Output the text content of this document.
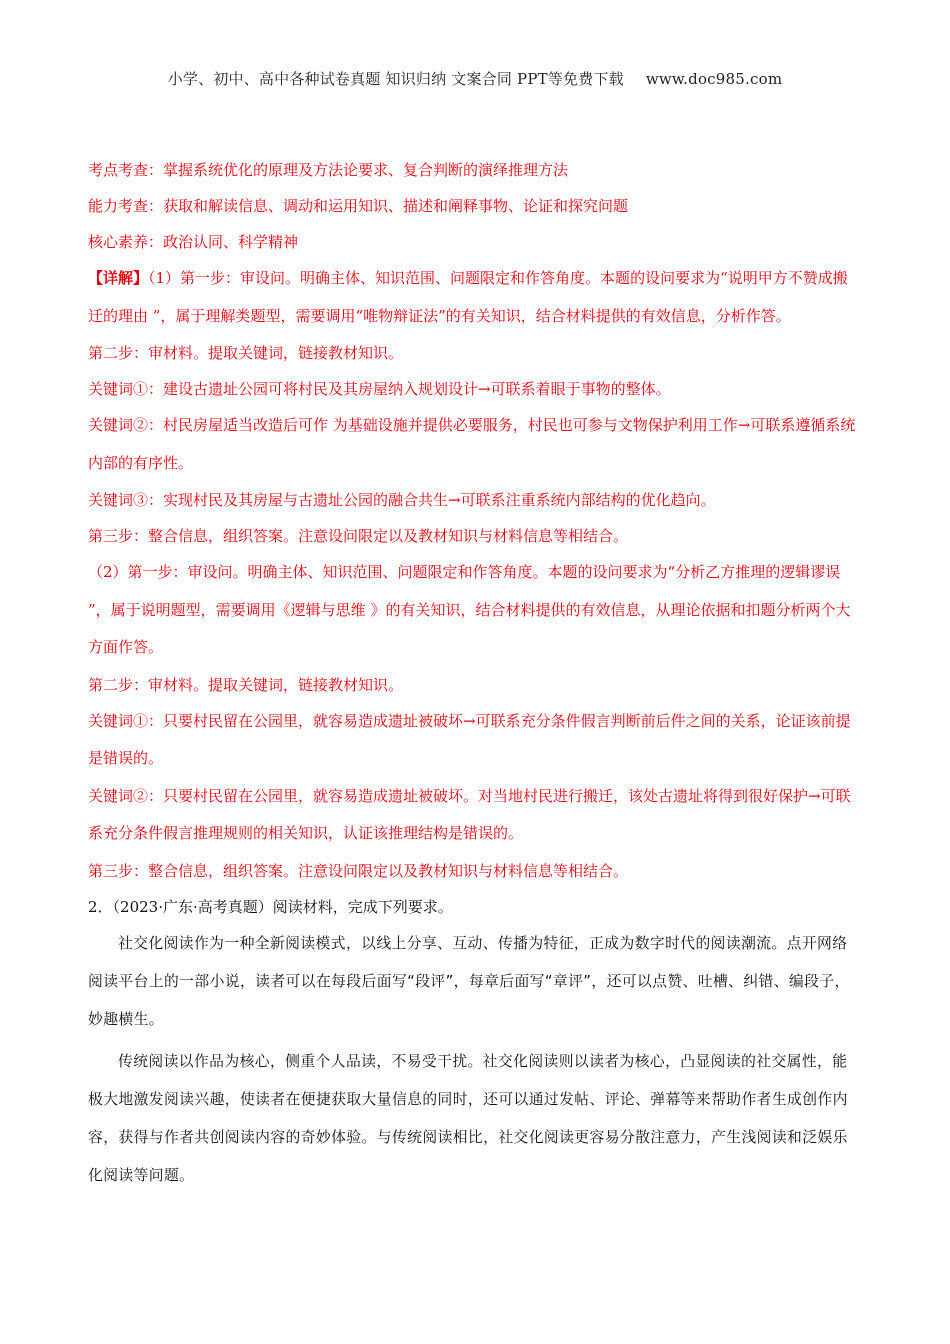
小学、初中、高中各种试卷真题 知识归纳 文案合同 PPT等免费下载 www.doc985.com

考点考查：掌握系统优化的原理及方法论要求、复合判断的演绎推理方法

能力考查：获取和解读信息、调动和运用知识、描述和阐释事物、论证和探究问题

核心素养：政治认同、科学精神

【详解】（1）第一步：审设问。明确主体、知识范围、问题限定和作答角度。本题的设问要求为“说明甲方不赞成搬迁的理由 ”，属于理解类题型，需要调用“唯物辩证法”的有关知识，结合材料提供的有效信息，分析作答。

第二步：审材料。提取关键词，链接教材知识。

关键词①：建设古遗址公园可将村民及其房屋纳入规划设计→可联系着眼于事物的整体。

关键词②：村民房屋适当改造后可作 为基础设施并提供必要服务，村民也可参与文物保护利用工作→可联系遵循系统内部的有序性。

关键词③：实现村民及其房屋与古遗址公园的融合共生→可联系注重系统内部结构的优化趋向。

第三步：整合信息，组织答案。注意设问限定以及教材知识与材料信息等相结合。

（2）第一步：审设问。明确主体、知识范围、问题限定和作答角度。本题的设问要求为“分析乙方推理的逻辑谬误 ”，属于说明题型，需要调用《逻辑与思维 》的有关知识，结合材料提供的有效信息，从理论依据和扣题分析两个大方面作答。

第二步：审材料。提取关键词，链接教材知识。

关键词①：只要村民留在公园里，就容易造成遗址被破坏→可联系充分条件假言判断前后件之间的关系，论证该前提是错误的。

关键词②：只要村民留在公园里，就容易造成遗址被破坏。对当地村民进行搬迁，该处古遗址将得到很好保护→可联系充分条件假言推理规则的相关知识，认证该推理结构是错误的。

第三步：整合信息，组织答案。注意设问限定以及教材知识与材料信息等相结合。

2．（2023·广东·高考真题）阅读材料，完成下列要求。

社交化阅读作为一种全新阅读模式，以线上分享、互动、传播为特征，正成为数字时代的阅读潮流。点开网络阅读平台上的一部小说，读者可以在每段后面写“段评”，每章后面写“章评”，还可以点赞、吐槽、纠错、编段子，妙趣横生。

传统阅读以作品为核心，侧重个人品读，不易受干扰。社交化阅读则以读者为核心，凸显阅读的社交属性，能极大地激发阅读兴趣，使读者在便捷获取大量信息的同时，还可以通过发帖、评论、弹幕等来帮助作者生成创作内容，获得与作者共创阅读内容的奇妙体验。与传统阅读相比，社交化阅读更容易分散注意力，产生浅阅读和泛娱乐化阅读等问题。
